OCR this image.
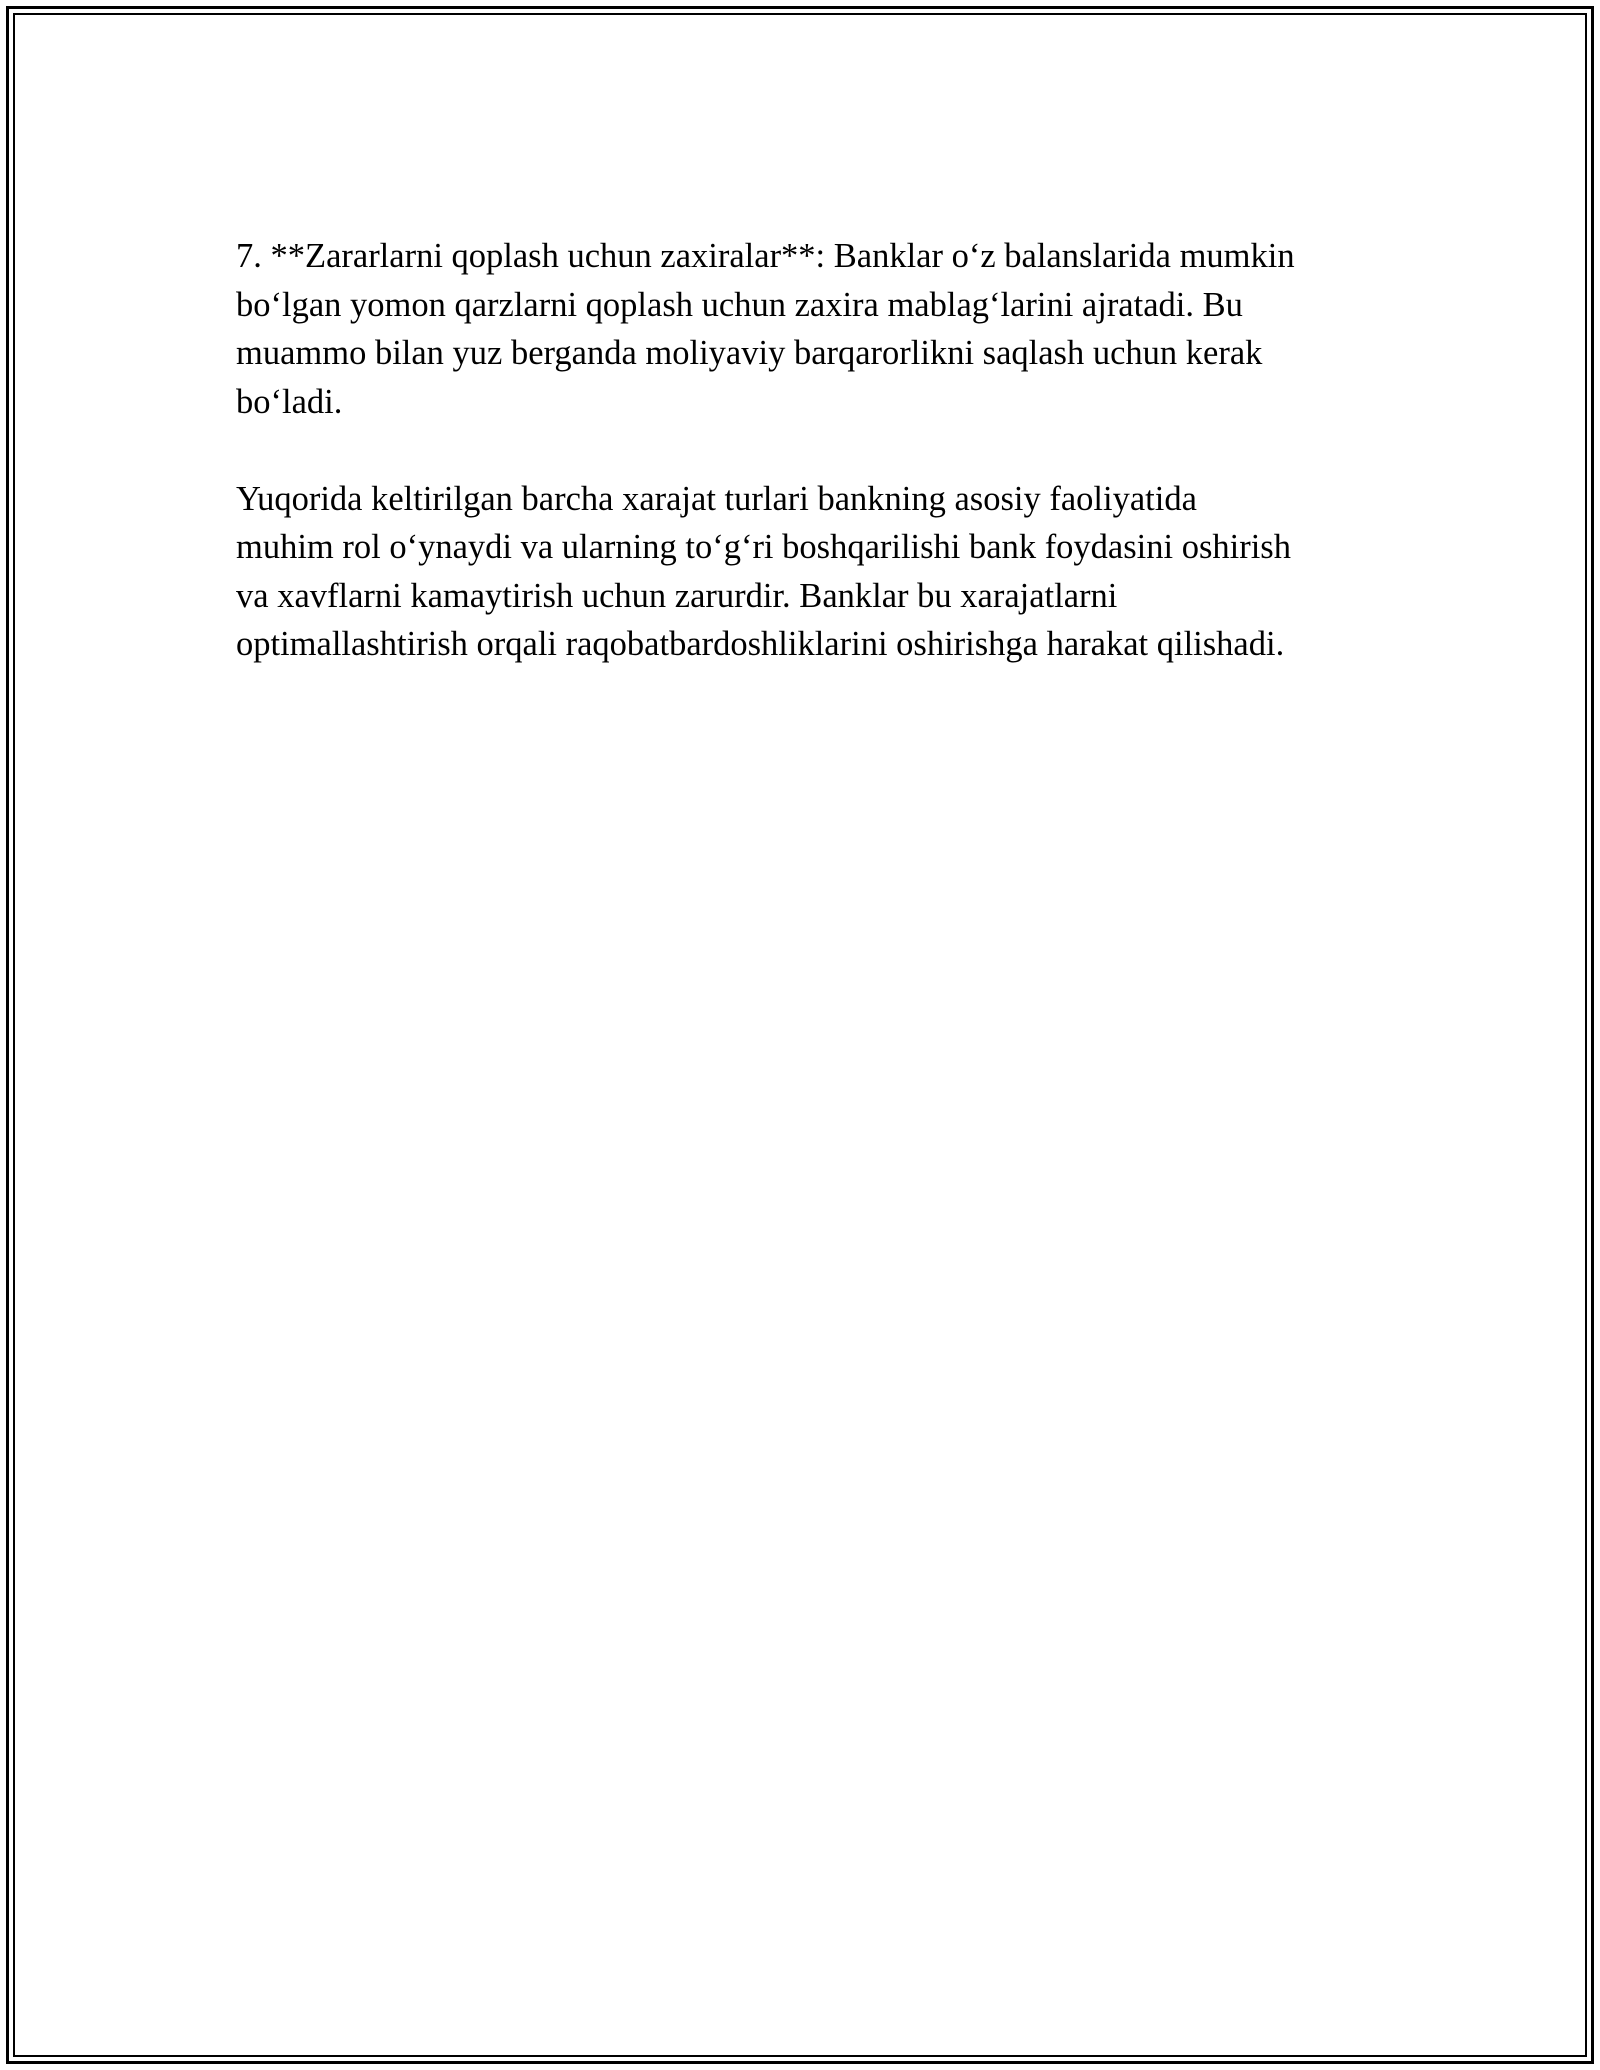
7. **Zararlarni qoplash uchun zaxiralar**: Banklar o‘z balanslarida mumkin

bo‘lgan yomon qarzlarni qoplash uchun zaxira mablag‘larini ajratadi. Bu

muammo bilan yuz berganda moliyaviy barqarorlikni saqlash uchun kerak

bo‘ladi.

Yuqorida keltirilgan barcha xarajat turlari bankning asosiy faoliyatida

muhim rol o‘ynaydi va ularning to‘g‘ri boshqarilishi bank foydasini oshirish

va xavflarni kamaytirish uchun zarurdir. Banklar bu xarajatlarni

optimallashtirish orqali raqobatbardoshliklarini oshirishga harakat qilishadi.
